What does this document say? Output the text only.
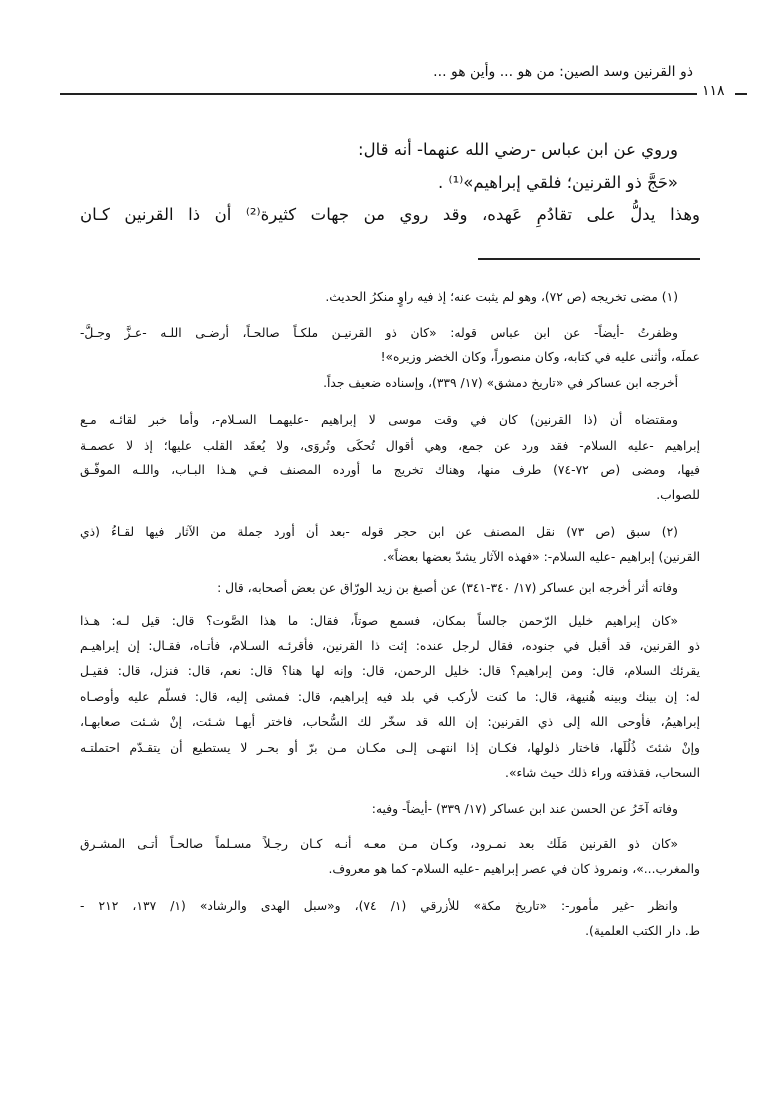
ذو القرنين وسد الصين: من هو ... وأين هو ...
١١٨
وروي عن ابن عباس -رضي الله عنهما- أنه قال:
«حَجَّ ذو القرنين؛ فلقي إبراهيم»⁽¹⁾ .
وهذا يدلُّ على تقادُمِ عَهده، وقد روي من جهات كثيرة⁽²⁾ أن ذا القرنين كـان
(١) مضى تخريجه (ص ٧٢)، وهو لم يثبت عنه؛ إذ فيه راوٍ منكرُ الحديث.
وظفرتُ -أيضاً- عن ابن عباس قوله: «كان ذو القرنيـن ملكـاً صالحـاً، أرضـى اللـه -عـزَّ وجـلَّ-
عملَه، وأثنى عليه في كتابه، وكان منصوراً، وكان الخضر وزيره»!
أخرجه ابن عساكر في «تاريخ دمشق» (١٧/ ٣٣٩)، وإسناده ضعيف جداً.
ومقتضاه أن (ذا القرنين) كان في وقت موسى لا إبراهيم -عليهمـا السـلام-، وأما خبر لقائـه مـع
إبراهيم -عليه السلام- فقد ورد عن جمع، وهي أقوال تُحكَى وتُروَى، ولا يُعقَد القلب عليها؛ إذ لا عصمـة
فيها، ومضى (ص ٧٢-٧٤) طرف منها، وهناك تخريج ما أورده المصنف فـي هـذا البـاب، واللـه الموفّـق
للصواب.
(٢) سبق (ص ٧٣) نقل المصنف عن ابن حجر قوله -بعد أن أورد جملة من الآثار فيها لقـاءُ (ذي
القرنين) إبراهيم -عليه السلام-: «فهذه الآثار يشدّ بعضها بعضاً».
وفاته أثر أخرجه ابن عساكر (١٧/ ٣٤٠-٣٤١) عن أصبغ بن زيد الورّاق عن بعض أصحابه، قال :
«كان إبراهيم خليل الرّحمن جالساً بمكان، فسمع صوتاً، فقال: ما هذا الصَّوت؟ قال: قيل لـه: هـذا
ذو القرنين، قد أقبل في جنوده، فقال لرجل عنده: إئت ذا القرنين، فأقرئـه السـلام، فأتـاه، فقـال: إن إبراهيـم
يقرئك السلام، قال: ومن إبراهيم؟ قال: خليل الرحمن، قال: وإنه لها هنا؟ قال: نعم، قال: فنزل، قال: فقيـل
له: إن بينك وبينه هُنيهة، قال: ما كنت لأركب في بلد فيه إبراهيم، قال: فمشى إليه، قال: فسلّم عليه وأوصـاه
إبراهيمُ، فأوحى الله إلى ذي القرنين: إن الله قد سخّر لك السُّحاب، فاختر أيهـا شـئت، إنْ شـئت صعابهـا،
وإنْ شئتَ ذُلُلَها، فاختار ذلولها، فكـان إذا انتهـى إلـى مكـان مـن برّ أو بحـر لا يستطيع أن يتقـدّم احتملتـه
السحاب، فقذفته وراء ذلك حيث شاء».
وفاته آخَرُ عن الحسن عند ابن عساكر (١٧/ ٣٣٩) -أيضاً- وفيه:
«كان ذو القرنين مَلَك بعد نمـرود، وكـان مـن معـه أنـه كـان رجـلاً مسـلماً صالحـاً أتـى المشـرق
والمغرب...»، ونمروذ كان في عصر إبراهيم -عليه السلام- كما هو معروف.
وانظر -غير مأمور-: «تاريخ مكة» للأزرقي (١/ ٧٤)، و«سبل الهدى والرشاد» (١/ ١٣٧، ٢١٢ -
ط. دار الكتب العلمية).
